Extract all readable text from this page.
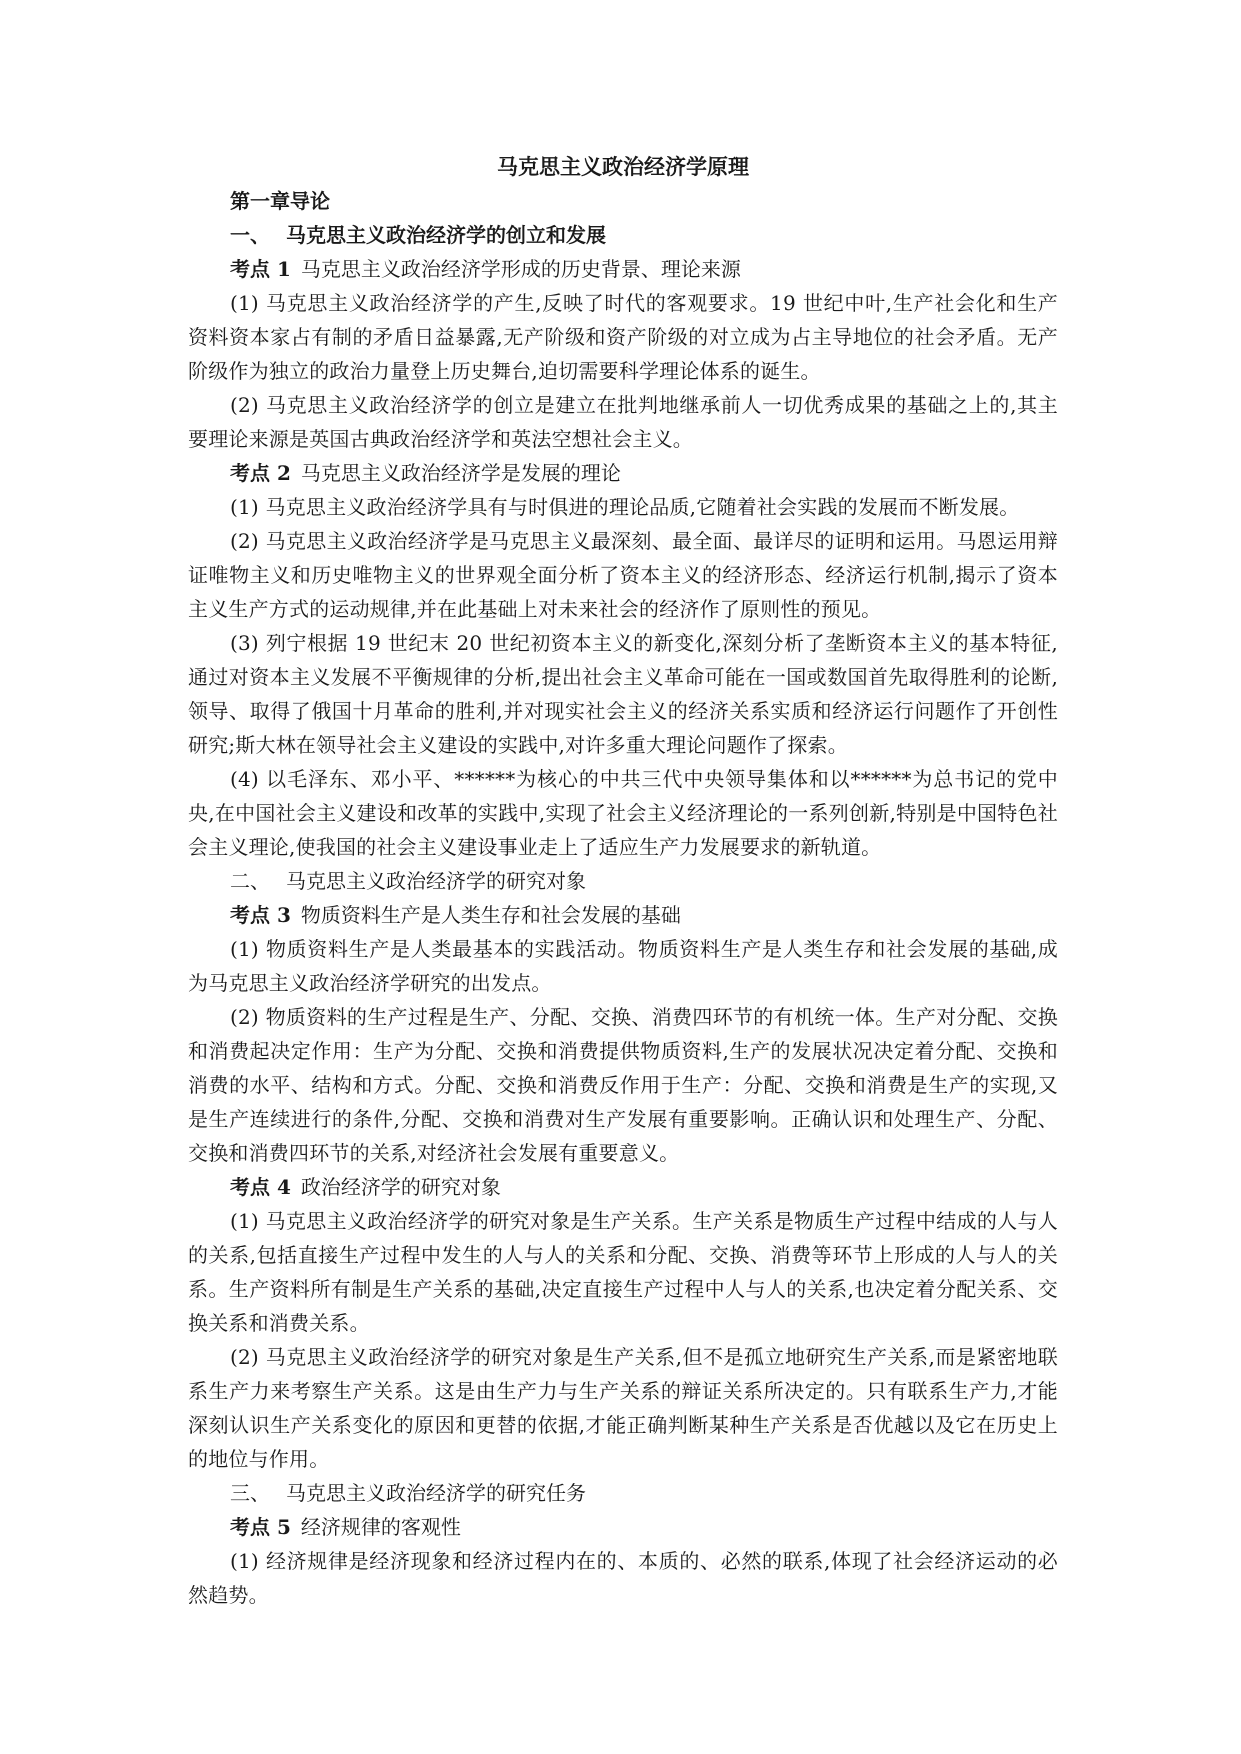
马克思主义政治经济学原理
第一章导论
一、 马克思主义政治经济学的创立和发展
考点 1 马克思主义政治经济学形成的历史背景、理论来源

(1) 马克思主义政治经济学的产生,反映了时代的客观要求。19 世纪中叶,生产社会化和生产资料资本家占有制的矛盾日益暴露,无产阶级和资产阶级的对立成为占主导地位的社会矛盾。无产阶级作为独立的政治力量登上历史舞台,迫切需要科学理论体系的诞生。

(2) 马克思主义政治经济学的创立是建立在批判地继承前人一切优秀成果的基础之上的,其主要理论来源是英国古典政治经济学和英法空想社会主义。

考点 2 马克思主义政治经济学是发展的理论

(1) 马克思主义政治经济学具有与时俱进的理论品质,它随着社会实践的发展而不断发展。

(2) 马克思主义政治经济学是马克思主义最深刻、最全面、最详尽的证明和运用。马恩运用辩证唯物主义和历史唯物主义的世界观全面分析了资本主义的经济形态、经济运行机制,揭示了资本主义生产方式的运动规律,并在此基础上对未来社会的经济作了原则性的预见。

(3) 列宁根据 19 世纪末 20 世纪初资本主义的新变化,深刻分析了垄断资本主义的基本特征,通过对资本主义发展不平衡规律的分析,提出社会主义革命可能在一国或数国首先取得胜利的论断,领导、取得了俄国十月革命的胜利,并对现实社会主义的经济关系实质和经济运行问题作了开创性研究;斯大林在领导社会主义建设的实践中,对许多重大理论问题作了探索。

(4) 以毛泽东、邓小平、******为核心的中共三代中央领导集体和以******为总书记的党中央,在中国社会主义建设和改革的实践中,实现了社会主义经济理论的一系列创新,特别是中国特色社会主义理论,使我国的社会主义建设事业走上了适应生产力发展要求的新轨道。

二、 马克思主义政治经济学的研究对象
考点 3 物质资料生产是人类生存和社会发展的基础

(1) 物质资料生产是人类最基本的实践活动。物质资料生产是人类生存和社会发展的基础,成为马克思主义政治经济学研究的出发点。

(2) 物质资料的生产过程是生产、分配、交换、消费四环节的有机统一体。生产对分配、交换和消费起决定作用：生产为分配、交换和消费提供物质资料,生产的发展状况决定着分配、交换和消费的水平、结构和方式。分配、交换和消费反作用于生产：分配、交换和消费是生产的实现,又是生产连续进行的条件,分配、交换和消费对生产发展有重要影响。正确认识和处理生产、分配、交换和消费四环节的关系,对经济社会发展有重要意义。

考点 4 政治经济学的研究对象

(1) 马克思主义政治经济学的研究对象是生产关系。生产关系是物质生产过程中结成的人与人的关系,包括直接生产过程中发生的人与人的关系和分配、交换、消费等环节上形成的人与人的关系。生产资料所有制是生产关系的基础,决定直接生产过程中人与人的关系,也决定着分配关系、交换关系和消费关系。

(2) 马克思主义政治经济学的研究对象是生产关系,但不是孤立地研究生产关系,而是紧密地联系生产力来考察生产关系。这是由生产力与生产关系的辩证关系所决定的。只有联系生产力,才能深刻认识生产关系变化的原因和更替的依据,才能正确判断某种生产关系是否优越以及它在历史上的地位与作用。

三、 马克思主义政治经济学的研究任务
考点 5 经济规律的客观性

(1) 经济规律是经济现象和经济过程内在的、本质的、必然的联系,体现了社会经济运动的必然趋势。
